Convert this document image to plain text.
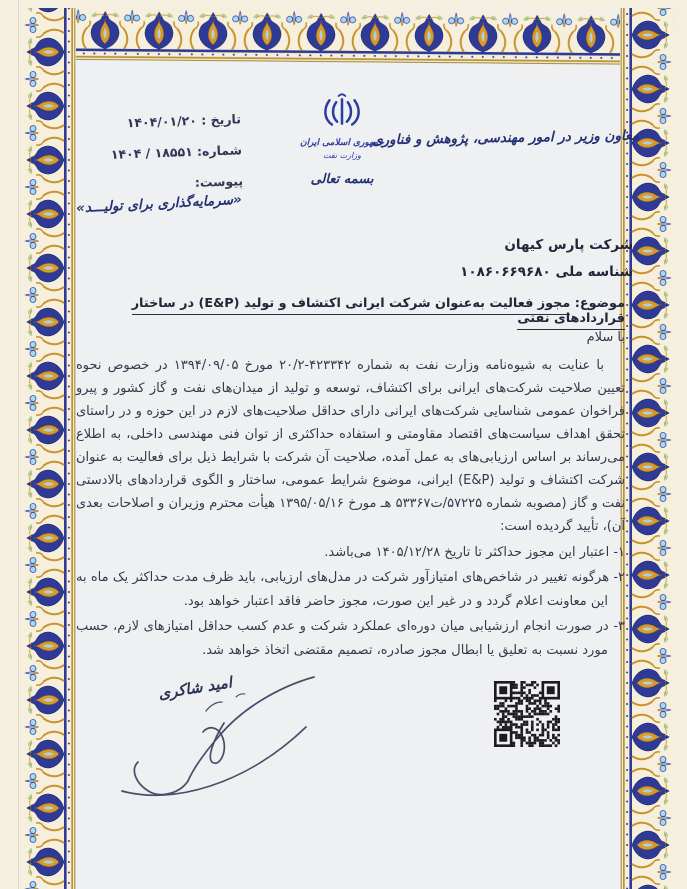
تاریخ : ۱۴۰۴/۰۱/۲۰
شماره: ۱۴۰۴ / ۱۸۵۵۱
پیوست:
جمهوری اسلامی ایران
وزارت نفت
بسمه تعالی
معاون وزیر در امور مهندسی، پژوهش و فناوری
«سرمایه‌گذاری برای تولیـــد»
شرکت پارس کیهان
شناسه ملی ۱۰۸۶۰۶۶۹۶۸۰
موضوع: مجوز فعالیت به‌عنوان شرکت ایرانی اکتشاف و تولید (E&P) در ساختار قراردادهای نفتی

با سلام

با عنایت به شیوه‌نامه وزارت نفت به شماره ⁦۲۰/۲-۴۲۳۳۴۲⁩ مورخ ۱۳۹۴/۰۹/۰۵ در خصوص نحوه تعیین صلاحیت شرکت‌های ایرانی برای اکتشاف، توسعه و تولید از میدان‌های نفت و گاز کشور و پیرو فراخوان عمومی شناسایی شرکت‌های ایرانی دارای حداقل صلاحیت‌های لازم در این حوزه و در راستای تحقق اهداف سیاست‌های اقتصاد مقاومتی و استفاده حداکثری از توان فنی مهندسی داخلی، به اطلاع می‌رساند بر اساس ارزیابی‌های به عمل آمده، صلاحیت آن شرکت با شرایط ذیل برای فعالیت به عنوان شرکت اکتشاف و تولید (E&P) ایرانی، موضوع شرایط عمومی، ساختار و الگوی قراردادهای بالادستی نفت و گاز (مصوبه شماره ۵۷۲۲۵/ت۵۳۳۶۷ هـ مورخ ۱۳۹۵/۰۵/۱۶ هیأت محترم وزیران و اصلاحات بعدی آن)، تأیید گردیده است:

۱- اعتبار این مجوز حداکثر تا تاریخ ۱۴۰۵/۱۲/۲۸ می‌باشد.
۲- هرگونه تغییر در شاخص‌های امتیازآور شرکت در مدل‌های ارزیابی، باید ظرف مدت حداکثر یک ماه به این معاونت اعلام گردد و در غیر این صورت، مجوز حاضر فاقد اعتبار خواهد بود.
۳- در صورت انجام ارزشیابی میان دوره‌ای عملکرد شرکت و عدم کسب حداقل امتیازهای لازم، حسب مورد نسبت به تعلیق یا ابطال مجوز صادره، تصمیم مقتضی اتخاذ خواهد شد.
امید شاکری
